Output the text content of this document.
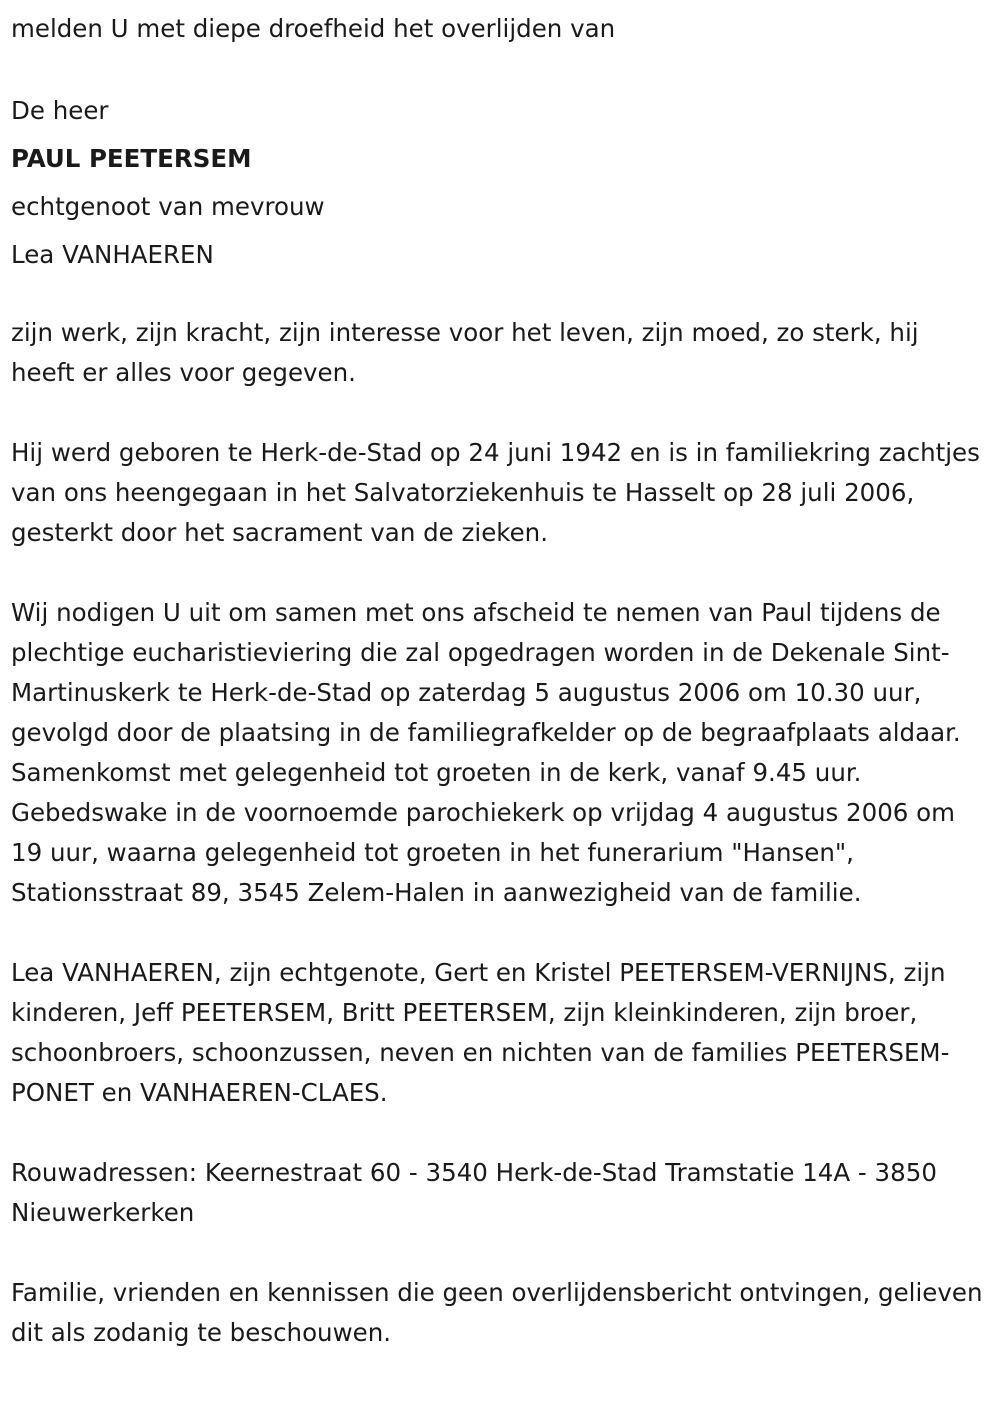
melden U met diepe droefheid het overlijden van

De heer

PAUL PEETERSEM

echtgenoot van mevrouw

Lea VANHAEREN

zijn werk, zijn kracht, zijn interesse voor het leven, zijn moed, zo sterk, hij heeft er alles voor gegeven.

Hij werd geboren te Herk-de-Stad op 24 juni 1942 en is in familiekring zachtjes van ons heengegaan in het Salvatorziekenhuis te Hasselt op 28 juli 2006, gesterkt door het sacrament van de zieken.

Wij nodigen U uit om samen met ons afscheid te nemen van Paul tijdens de plechtige eucharistieviering die zal opgedragen worden in de Dekenale Sint-Martinuskerk te Herk-de-Stad op zaterdag 5 augustus 2006 om 10.30 uur, gevolgd door de plaatsing in de familiegrafkelder op de begraafplaats aldaar. Samenkomst met gelegenheid tot groeten in de kerk, vanaf 9.45 uur. Gebedswake in de voornoemde parochiekerk op vrijdag 4 augustus 2006 om 19 uur, waarna gelegenheid tot groeten in het funerarium "Hansen", Stationsstraat 89, 3545 Zelem-Halen in aanwezigheid van de familie.

Lea VANHAEREN, zijn echtgenote, Gert en Kristel PEETERSEM-VERNIJNS, zijn kinderen, Jeff PEETERSEM, Britt PEETERSEM, zijn kleinkinderen, zijn broer, schoonbroers, schoonzussen, neven en nichten van de families PEETERSEM-PONET en VANHAEREN-CLAES.

Rouwadressen: Keernestraat 60 - 3540 Herk-de-Stad Tramstatie 14A - 3850 Nieuwerkerken

Familie, vrienden en kennissen die geen overlijdensbericht ontvingen, gelieven dit als zodanig te beschouwen.
